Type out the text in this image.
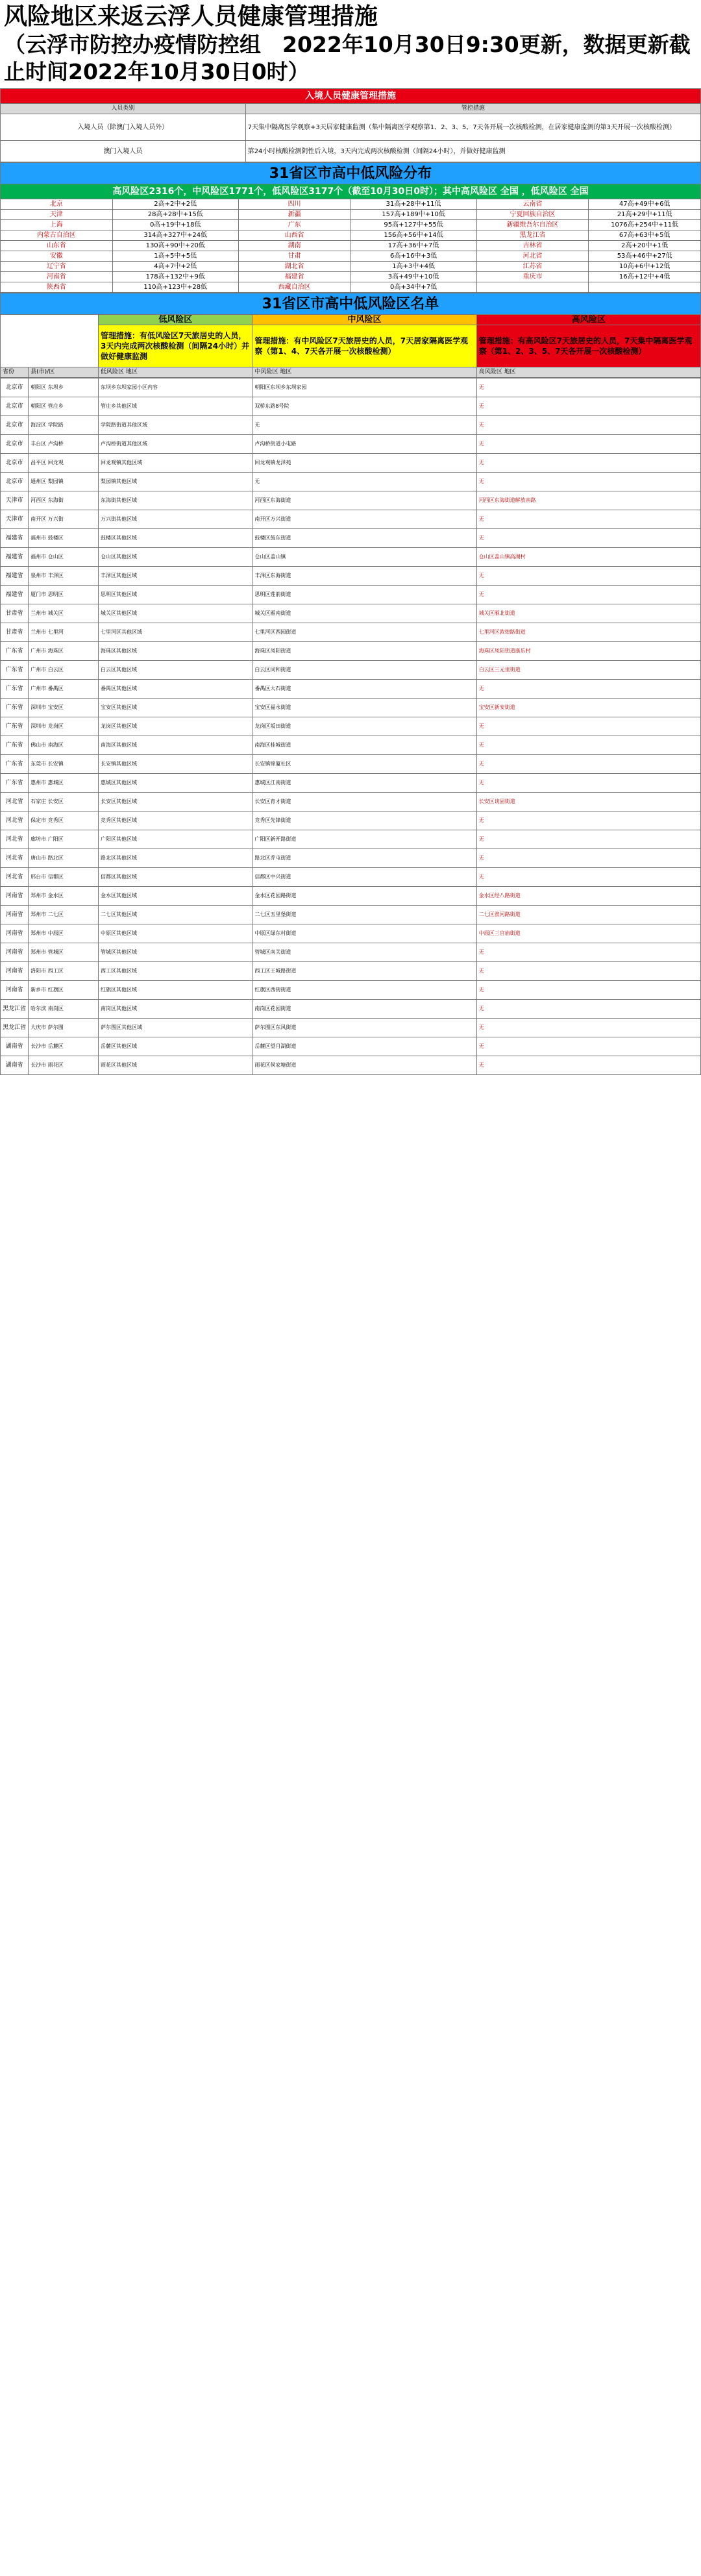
风险地区来返云浮人员健康管理措施
（云浮市防控办疫情防控组　2022年10月30日9:30更新，数据更新截止时间2022年10月30日0时）
入境人员健康管理措施	
人员类别	管控措施
入境人员（除澳门入境人员外）	7天集中隔离医学观察+3天居家健康监测（集中隔离医学观察第1、2、3、5、7天各开展一次核酸检测，在居家健康监测的第3天开展一次核酸检测）
澳门入境人员	第24小时核酸检测阴性后入境，3天内完成两次核酸检测（间隔24小时），并做好健康监测
31省区市高中低风险分布					
高风险区2316个，中风险区1771个，低风险区3177个（截至10月30日0时）；其中高风险区 全国 ，低风险区 全国					
北京	2高+2中+2低	四川	31高+28中+11低	云南省	47高+49中+6低
天津	28高+28中+15低	新疆	157高+189中+10低	宁夏回族自治区	21高+29中+11低
上海	0高+19中+18低	广东	95高+127中+55低	新疆维吾尔自治区	1076高+254中+11低
内蒙古自治区	314高+327中+24低	山西省	156高+56中+14低	黑龙江省	67高+63中+5低
山东省	130高+90中+20低	湖南	17高+36中+7低	吉林省	2高+20中+1低
安徽	1高+5中+5低	甘肃	6高+16中+3低	河北省	53高+46中+27低
辽宁省	4高+7中+2低	湖北省	1高+3中+4低	江苏省	10高+6中+12低
河南省	178高+132中+9低	福建省	3高+49中+10低	重庆市	16高+12中+4低
陕西省	110高+123中+28低	西藏自治区	0高+34中+7低		
31省区市高中低风险区名单				
		低风险区	中风险区	高风险区
		管理措施：有低风险区7天旅居史的人员，3天内完成两次核酸检测（间隔24小时）并做好健康监测	管理措施：有中风险区7天旅居史的人员，7天居家隔离医学观察（第1、4、7天各开展一次核酸检测）	管理措施：有高风险区7天旅居史的人员，7天集中隔离医学观察（第1、2、3、5、7天各开展一次核酸检测）
省份	县(市)/区	低风险区 地区	中风险区 地区	高风险区 地区
北京市	朝阳区 东坝乡	东坝乡东坝家园小区内容	朝阳区东坝乡东坝家园	无
北京市	朝阳区 管庄乡	管庄乡其他区域	双桥东路8号院	无
北京市	海淀区 学院路	学院路街道其他区域	无	无
北京市	丰台区 卢沟桥	卢沟桥街道其他区域	卢沟桥街道小屯路	无
北京市	昌平区 回龙观	回龙观镇其他区域	回龙观镇龙泽苑	无
北京市	通州区 梨园镇	梨园镇其他区域	无	无
天津市	河西区 东海街	东海街其他区域	河西区东海街道	河西区东海街道解放南路
天津市	南开区 万兴街	万兴街其他区域	南开区万兴街道	无
福建省	福州市 鼓楼区	鼓楼区其他区域	鼓楼区鼓东街道	无
福建省	福州市 仓山区	仓山区其他区域	仓山区盖山镇	仓山区盖山镇高湖村
福建省	泉州市 丰泽区	丰泽区其他区域	丰泽区东海街道	无
福建省	厦门市 思明区	思明区其他区域	思明区莲前街道	无
甘肃省	兰州市 城关区	城关区其他区域	城关区雁南街道	城关区雁北街道
甘肃省	兰州市 七里河	七里河区其他区域	七里河区西园街道	七里河区敦煌路街道
广东省	广州市 海珠区	海珠区其他区域	海珠区凤阳街道	海珠区凤阳街道康乐村
广东省	广州市 白云区	白云区其他区域	白云区同和街道	白云区三元里街道
广东省	广州市 番禺区	番禺区其他区域	番禺区大石街道	无
广东省	深圳市 宝安区	宝安区其他区域	宝安区福永街道	宝安区新安街道
广东省	深圳市 龙岗区	龙岗区其他区域	龙岗区坂田街道	无
广东省	佛山市 南海区	南海区其他区域	南海区桂城街道	无
广东省	东莞市 长安镇	长安镇其他区域	长安镇锦厦社区	无
广东省	惠州市 惠城区	惠城区其他区域	惠城区江南街道	无
河北省	石家庄 长安区	长安区其他区域	长安区育才街道	长安区谈固街道
河北省	保定市 竞秀区	竞秀区其他区域	竞秀区先锋街道	无
河北省	廊坊市 广阳区	广阳区其他区域	广阳区新开路街道	无
河北省	唐山市 路北区	路北区其他区域	路北区乔屯街道	无
河北省	邢台市 信都区	信都区其他区域	信都区中兴街道	无
河南省	郑州市 金水区	金水区其他区域	金水区花园路街道	金水区经八路街道
河南省	郑州市 二七区	二七区其他区域	二七区五里堡街道	二七区淮河路街道
河南省	郑州市 中原区	中原区其他区域	中原区绿东村街道	中原区三官庙街道
河南省	郑州市 管城区	管城区其他区域	管城区南关街道	无
河南省	洛阳市 西工区	西工区其他区域	西工区王城路街道	无
河南省	新乡市 红旗区	红旗区其他区域	红旗区西街街道	无
黑龙江省	哈尔滨 南岗区	南岗区其他区域	南岗区花园街道	无
黑龙江省	大庆市 萨尔图	萨尔图区其他区域	萨尔图区东风街道	无
湖南省	长沙市 岳麓区	岳麓区其他区域	岳麓区望月湖街道	无
湖南省	长沙市 雨花区	雨花区其他区域	雨花区侯家塘街道	无
